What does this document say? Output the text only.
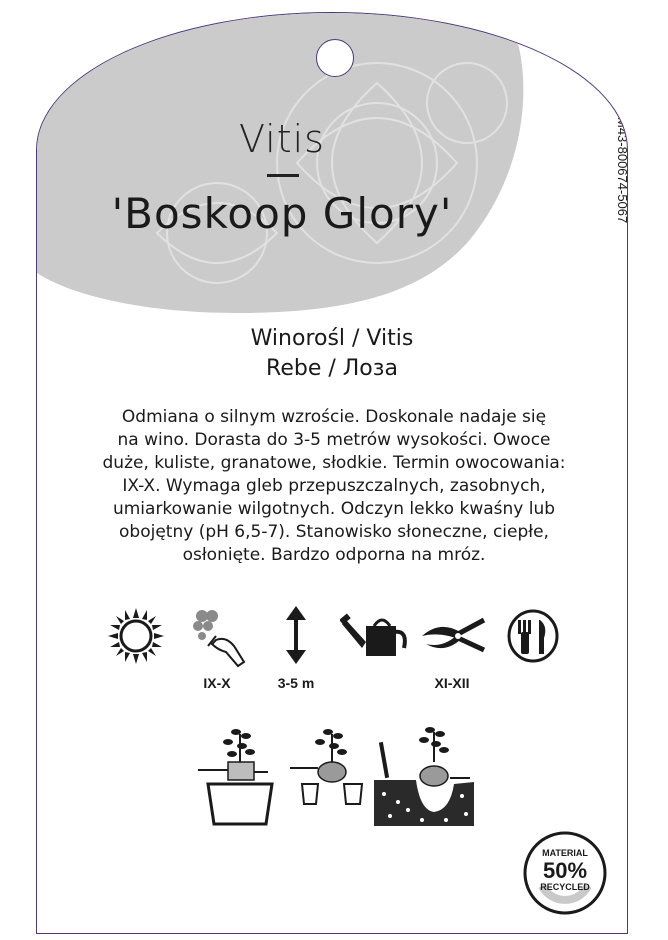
Vitis
'Boskoop Glory'	ELBURG & SMIT
M43-800674-5067
Winorośl / Vitis
Rebe / Лоза
Odmiana o silnym wzroście. Doskonale nadaje się
na wino. Dorasta do 3-5 metrów wysokości. Owoce
duże, kuliste, granatowe, słodkie. Termin owocowania:
IX-X. Wymaga gleb przepuszczalnych, zasobnych,
umiarkowanie wilgotnych. Odczyn lekko kwaśny lub
obojętny (pH 6,5-7). Stanowisko słoneczne, ciepłe,
osłonięte. Bardzo odporna na mróz.
IX-X	3-5 m	XI-XII
MATERIAL
50%
RECYCLED
